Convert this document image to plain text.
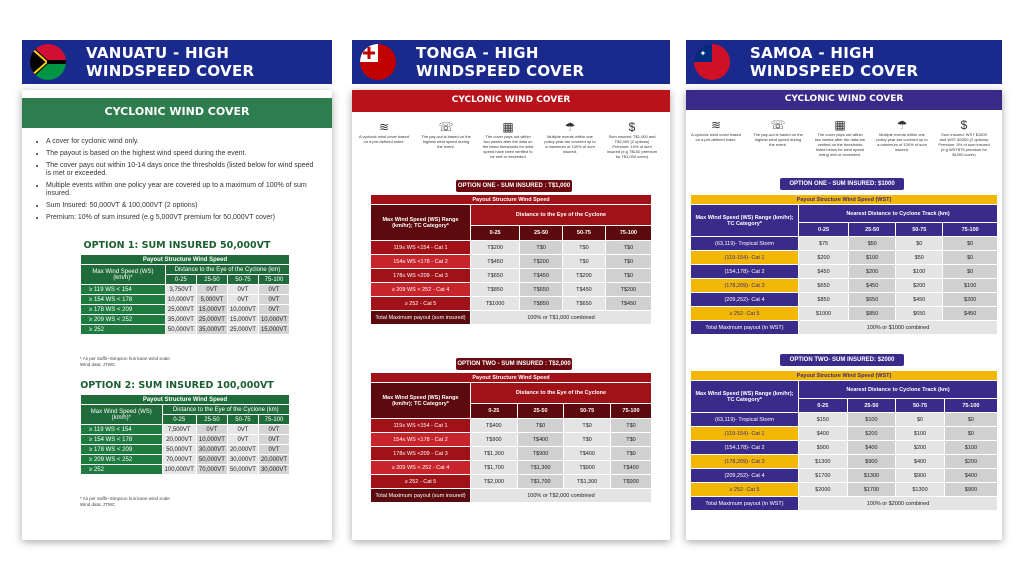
VANUATU - HIGH
WINDSPEED COVER
CYCLONIC WIND COVER
• A cover for cyclonic wind only.
• The payout is based on the highest wind speed during the event.
• The cover pays out within 10-14 days once the thresholds (listed below for wind speed is met or exceeded.
• Multiple events within one policy year are covered up to a maximum of 100% of sum insured.
• Sum Insured: 50,000VT & 100,000VT (2 options)
• Premium: 10% of sum insured (e.g 5,000VT premium for 50,000VT cover)
OPTION 1: SUM INSURED 50,000VT
Payout Structure Wind Speed				
Max Wind Speed (WS) (km/h)*	Distance to the Eye of the Cyclone (km)			
	0-25	25-50	50-75	75-100
≥ 119 WS < 154	3,750VT	0VT	0VT	0VT
≥ 154 WS < 178	10,000VT	5,000VT	0VT	0VT
≥ 178 WS < 209	25,000VT	15,000VT	10,000VT	0VT
≥ 209 WS < 252	35,000VT	25,000VT	15,000VT	10,000VT
≥ 252	50,000VT	35,000VT	25,000VT	15,000VT
* As per Saffir–Simpson hurricane wind scale
Wind data: JTWC
OPTION 2: SUM INSURED 100,000VT
Payout Structure Wind Speed				
Max Wind Speed (WS) (km/h)*	Distance to the Eye of the Cyclone (km)			
	0-25	25-50	50-75	75-100
≥ 119 WS < 154	7,500VT	0VT	0VT	0VT
≥ 154 WS < 178	20,000VT	10,000VT	0VT	0VT
≥ 178 WS < 209	50,000VT	30,000VT	20,000VT	0VT
≥ 209 WS < 252	70,000VT	50,000VT	30,000VT	20,000VT
≥ 252	100,000VT	70,000VT	50,000VT	30,000VT
* As per Saffir–Simpson hurricane wind scale
Wind data: JTWC
TONGA - HIGH
WINDSPEED COVER
CYCLONIC WIND COVER
≋
A cyclonic wind cover based on a pre-defined index.
☏
The pay-out is based on the highest wind speed during the event.
▦
The cover pays out within two weeks after the data on the listed thresholds for wind speed have been verified to be met or exceeded
☂
Multiple events within one policy year are covered up to a maximum of 100% of sum insured.
$
Sum insured: T$1,000 and T$2,000 (2 options) Premium: 10% of sum insured (e.g T$100 premium for T$1,000 cover)
OPTION ONE - SUM INSURED : T$1,000
Payout Structure Wind Speed				
Max Wind Speed (WS) Range (km/hr); TC Category*	Distance to the Eye of the Cyclone			
	0-25	25-50	50-75	75-100
119≤ WS <154 - Cat 1	T$200	T$0	T$0	T$0
154≤ WS <178 - Cat 2	T$450	T$200	T$0	T$0
178≤ WS <209 - Cat 3	T$650	T$450	T$200	T$0
≥ 209 WS < 252 - Cat 4	T$850	T$650	T$450	T$200
≥ 252 - Cat 5	T$1000	T$850	T$650	T$450
Total Maximum payout (sum insured)	100% or T$1,000 combined			
OPTION TWO - SUM INSURED : T$2,000
Payout Structure Wind Speed				
Max Wind Speed (WS) Range (km/hr); TC Category*	Distance to the Eye of the Cyclone			
	0-25	25-50	50-75	75-100
119≤ WS <154 - Cat 1	T$400	T$0	T$0	T$0
154≤ WS <178 - Cat 2	T$900	T$400	T$0	T$0
178≤ WS <209 - Cat 3	T$1,300	T$900	T$400	T$0
≥ 209 WS < 252 - Cat 4	T$1,700	T$1,300	T$900	T$400
≥ 252 - Cat 5	T$2,000	T$1,700	T$1,300	T$900
Total Maximum payout (sum insured)	100% or T$2,000 combined			
✦	SAMOA - HIGH
WINDSPEED COVER
CYCLONIC WIND COVER
≋
A cyclonic wind cover based on a pre-defined index.
☏
The pay-out is based on the highest wind speed during the event.
▦
The cover pays out within two weeks after the data are verified on the thresholds listed below for wind speed being met or exceeded.
☂
Multiple events within one policy year are covered up to a maximum of 100% of sum insured.
$
Sum insured: WST $1000 and WST $2000 (2 options) Premium: 5% of sum insured (e.g WST$75 premium for $1000 cover)
OPTION ONE - SUM INSURED: $1000
Payout Structure Wind Speed (WST)				
Max Wind Speed (WS) Range (km/hr); TC Category*	Nearest Distance to Cyclone Track (km)			
	0-25	25-50	50-75	75-100
(63,119)- Tropical Storm	$75	$50	$0	$0
(119-154)- Cat 1	$200	$100	$50	$0
(154,178)- Cat 2	$450	$200	$100	$0
(178,209)- Cat 3	$650	$450	$200	$100
(209,252)- Cat 4	$850	$650	$450	$200
≥ 252- Cat 5	$1000	$850	$650	$450
Total Maximum payout (in WST)	100% or $1000 combined			
OPTION TWO- SUM INSURED: $2000
Payout Structure Wind Speed (WST)				
Max Wind Speed (WS) Range (km/hr); TC Category*	Nearest Distance to Cyclone Track (km)			
	0-25	25-50	50-75	75-100
(63,119)- Tropical Storm	$150	$100	$0	$0
(119-154)- Cat 1	$400	$200	$100	$0
(154,178)- Cat 2	$900	$400	$200	$100
(178,209)- Cat 3	$1300	$900	$400	$200
(209,252)- Cat 4	$1700	$1300	$900	$400
≥ 252- Cat 5	$2000	$1700	$1300	$900
Total Maximum payout (in WST)	100% or $2000 combined			
